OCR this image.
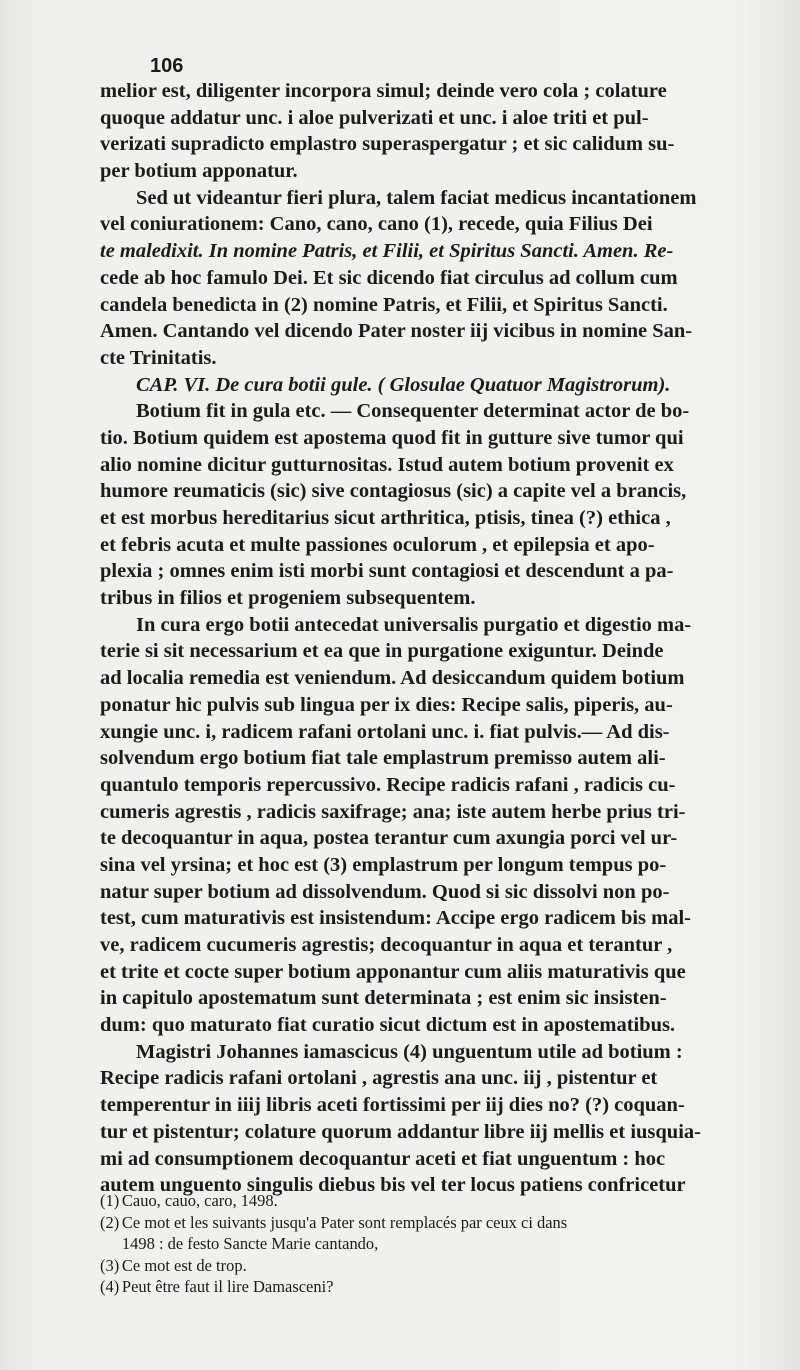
106
melior est, diligenter incorpora simul; deinde vero cola ; colature
quoque addatur unc. i aloe pulverizati et unc. i aloe triti et pul-
verizati supradicto emplastro superaspergatur ; et sic calidum su-
per botium apponatur.
Sed ut videantur fieri plura, talem faciat medicus incantationem
vel coniurationem: Cano, cano, cano (1), recede, quia Filius Dei
te maledixit. In nomine Patris, et Filii, et Spiritus Sancti. Amen. Re-
cede ab hoc famulo Dei. Et sic dicendo fiat circulus ad collum cum
candela benedicta in (2) nomine Patris, et Filii, et Spiritus Sancti.
Amen. Cantando vel dicendo Pater noster iij vicibus in nomine San-
cte Trinitatis.
CAP. VI. De cura botii gule. ( Glosulae Quatuor Magistrorum).
Botium fit in gula etc. — Consequenter determinat actor de bo-
tio. Botium quidem est apostema quod fit in gutture sive tumor qui
alio nomine dicitur gutturnositas. Istud autem botium provenit ex
humore reumaticis (sic) sive contagiosus (sic) a capite vel a brancis,
et est morbus hereditarius sicut arthritica, ptisis, tinea (?) ethica ,
et febris acuta et multe passiones oculorum , et epilepsia et apo-
plexia ; omnes enim isti morbi sunt contagiosi et descendunt a pa-
tribus in filios et progeniem subsequentem.
In cura ergo botii antecedat universalis purgatio et digestio ma-
terie si sit necessarium et ea que in purgatione exiguntur. Deinde
ad localia remedia est veniendum. Ad desiccandum quidem botium
ponatur hic pulvis sub lingua per ix dies: Recipe salis, piperis, au-
xungie unc. i, radicem rafani ortolani unc. i. fiat pulvis.— Ad dis-
solvendum ergo botium fiat tale emplastrum premisso autem ali-
quantulo temporis repercussivo. Recipe radicis rafani , radicis cu-
cumeris agrestis , radicis saxifrage; ana; iste autem herbe prius tri-
te decoquantur in aqua, postea terantur cum axungia porci vel ur-
sina vel yrsina; et hoc est (3) emplastrum per longum tempus po-
natur super botium ad dissolvendum. Quod si sic dissolvi non po-
test, cum maturativis est insistendum: Accipe ergo radicem bis mal-
ve, radicem cucumeris agrestis; decoquantur in aqua et terantur ,
et trite et cocte super botium apponantur cum aliis maturativis que
in capitulo apostematum sunt determinata ; est enim sic insisten-
dum: quo maturato fiat curatio sicut dictum est in apostematibus.
Magistri Johannes iamascicus (4) unguentum utile ad botium :
Recipe radicis rafani ortolani , agrestis ana unc. iij , pistentur et
temperentur in iiij libris aceti fortissimi per iij dies no? (?) coquan-
tur et pistentur; colature quorum addantur libre iij mellis et iusquia-
mi ad consumptionem decoquantur aceti et fiat unguentum : hoc
autem unguento singulis diebus bis vel ter locus patiens confricetur
(1) Cauo, cauo, caro, 1498.
(2) Ce mot et les suivants jusqu'a Pater sont remplacés par ceux ci dans
1498 : de festo Sancte Marie cantando,
(3) Ce mot est de trop.
(4) Peut être faut il lire Damasceni?
